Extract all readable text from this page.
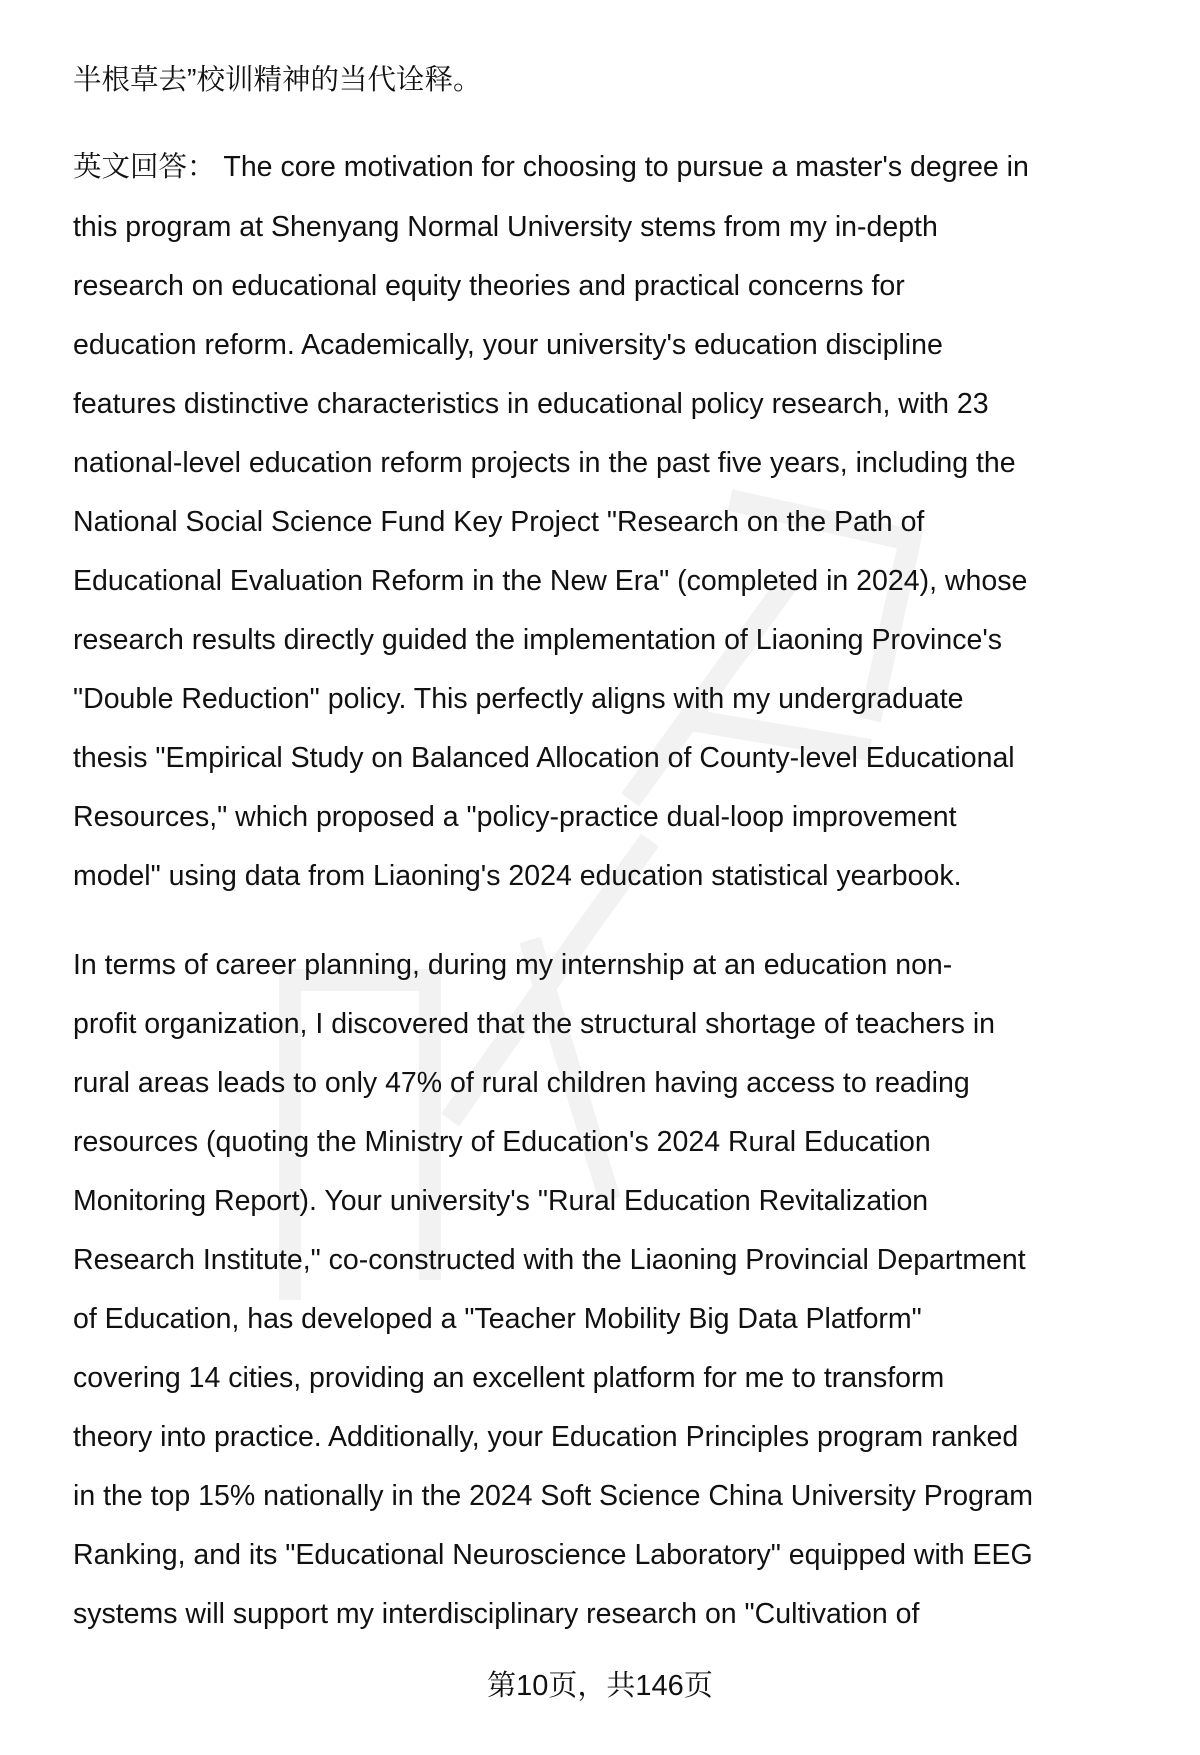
半根草去”校训精神的当代诠释。
英文回答： The core motivation for choosing to pursue a master's degree in
this program at Shenyang Normal University stems from my in-depth
research on educational equity theories and practical concerns for
education reform. Academically, your university's education discipline
features distinctive characteristics in educational policy research, with 23
national-level education reform projects in the past five years, including the
National Social Science Fund Key Project "Research on the Path of
Educational Evaluation Reform in the New Era" (completed in 2024), whose
research results directly guided the implementation of Liaoning Province's
"Double Reduction" policy. This perfectly aligns with my undergraduate
thesis "Empirical Study on Balanced Allocation of County-level Educational
Resources," which proposed a "policy-practice dual-loop improvement
model" using data from Liaoning's 2024 education statistical yearbook.
In terms of career planning, during my internship at an education non-
profit organization, I discovered that the structural shortage of teachers in
rural areas leads to only 47% of rural children having access to reading
resources (quoting the Ministry of Education's 2024 Rural Education
Monitoring Report). Your university's "Rural Education Revitalization
Research Institute," co-constructed with the Liaoning Provincial Department
of Education, has developed a "Teacher Mobility Big Data Platform"
covering 14 cities, providing an excellent platform for me to transform
theory into practice. Additionally, your Education Principles program ranked
in the top 15% nationally in the 2024 Soft Science China University Program
Ranking, and its "Educational Neuroscience Laboratory" equipped with EEG
systems will support my interdisciplinary research on "Cultivation of
第10页，共146页
